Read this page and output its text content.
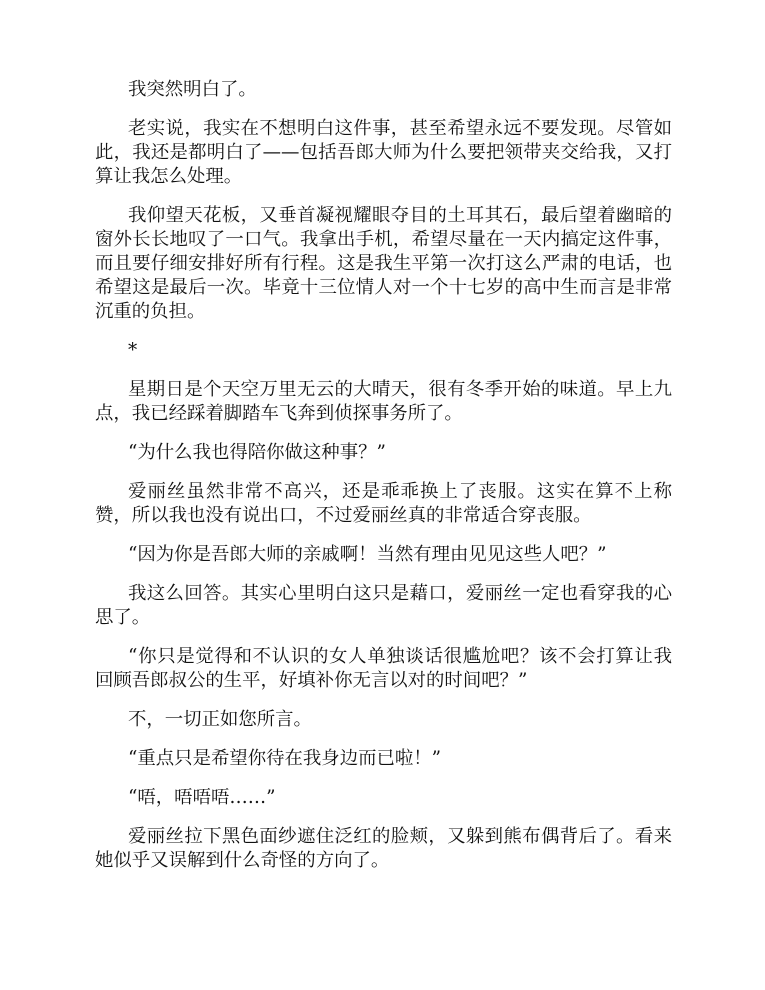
我突然明白了。

老实说，我实在不想明白这件事，甚至希望永远不要发现。尽管如
此，我还是都明白了——包括吾郎大师为什么要把领带夹交给我，又打
算让我怎么处理。

我仰望天花板，又垂首凝视耀眼夺目的土耳其石，最后望着幽暗的
窗外长长地叹了一口气。我拿出手机，希望尽量在一天内搞定这件事，
而且要仔细安排好所有行程。这是我生平第一次打这么严肃的电话，也
希望这是最后一次。毕竟十三位情人对一个十七岁的高中生而言是非常
沉重的负担。

*

星期日是个天空万里无云的大晴天，很有冬季开始的味道。早上九
点，我已经踩着脚踏车飞奔到侦探事务所了。

“为什么我也得陪你做这种事？”

爱丽丝虽然非常不高兴，还是乖乖换上了丧服。这实在算不上称
赞，所以我也没有说出口，不过爱丽丝真的非常适合穿丧服。

“因为你是吾郎大师的亲戚啊！当然有理由见见这些人吧？”

我这么回答。其实心里明白这只是藉口，爱丽丝一定也看穿我的心
思了。

“你只是觉得和不认识的女人单独谈话很尴尬吧？该不会打算让我
回顾吾郎叔公的生平，好填补你无言以对的时间吧？”

不，一切正如您所言。

“重点只是希望你待在我身边而已啦！”

“唔，唔唔唔……”

爱丽丝拉下黑色面纱遮住泛红的脸颊，又躲到熊布偶背后了。看来
她似乎又误解到什么奇怪的方向了。
